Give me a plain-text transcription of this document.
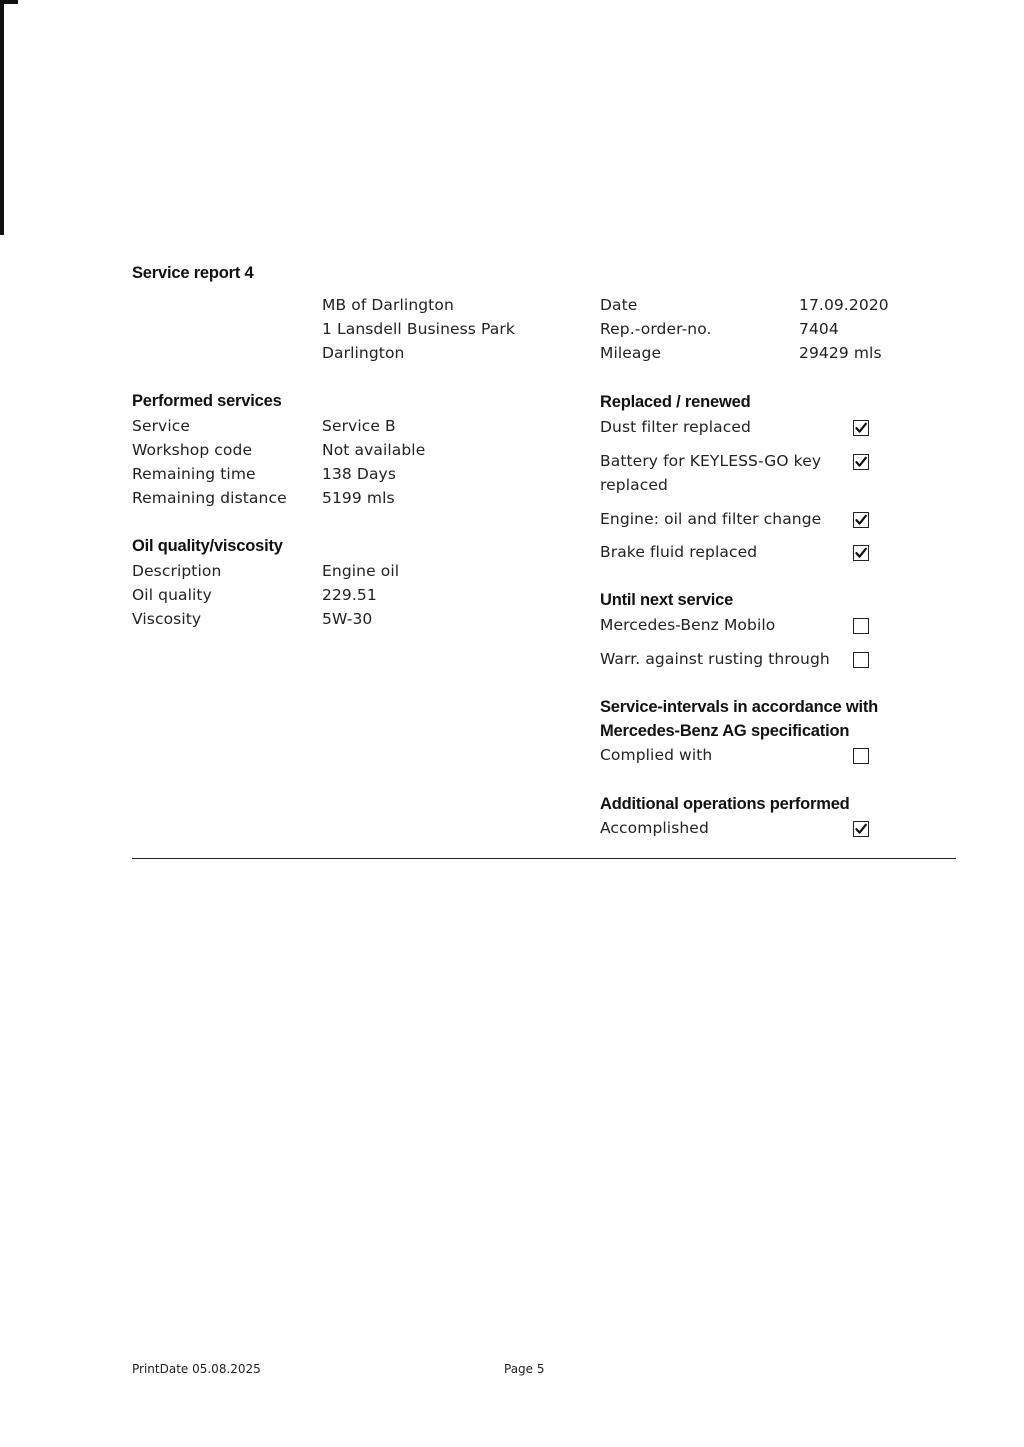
Service report 4
MB of Darlington
1 Lansdell Business Park
Darlington
Date	17.09.2020
Rep.-order-no.	7404
Mileage	29429 mls
Performed services
Service	Service B
Workshop code	Not available
Remaining time	138 Days
Remaining distance 5199 mls
Oil quality/viscosity
Description	Engine oil
Oil quality	229.51
Viscosity	5W-30
Replaced / renewed
Dust filter replaced
Battery for KEYLESS-GO key
replaced
Engine: oil and filter change
Brake fluid replaced
Until next service
Mercedes-Benz Mobilo
Warr. against rusting through
Service-intervals in accordance with
Mercedes-Benz AG specification
Complied with
Additional operations performed
Accomplished
PrintDate 05.08.2025	Page 5
